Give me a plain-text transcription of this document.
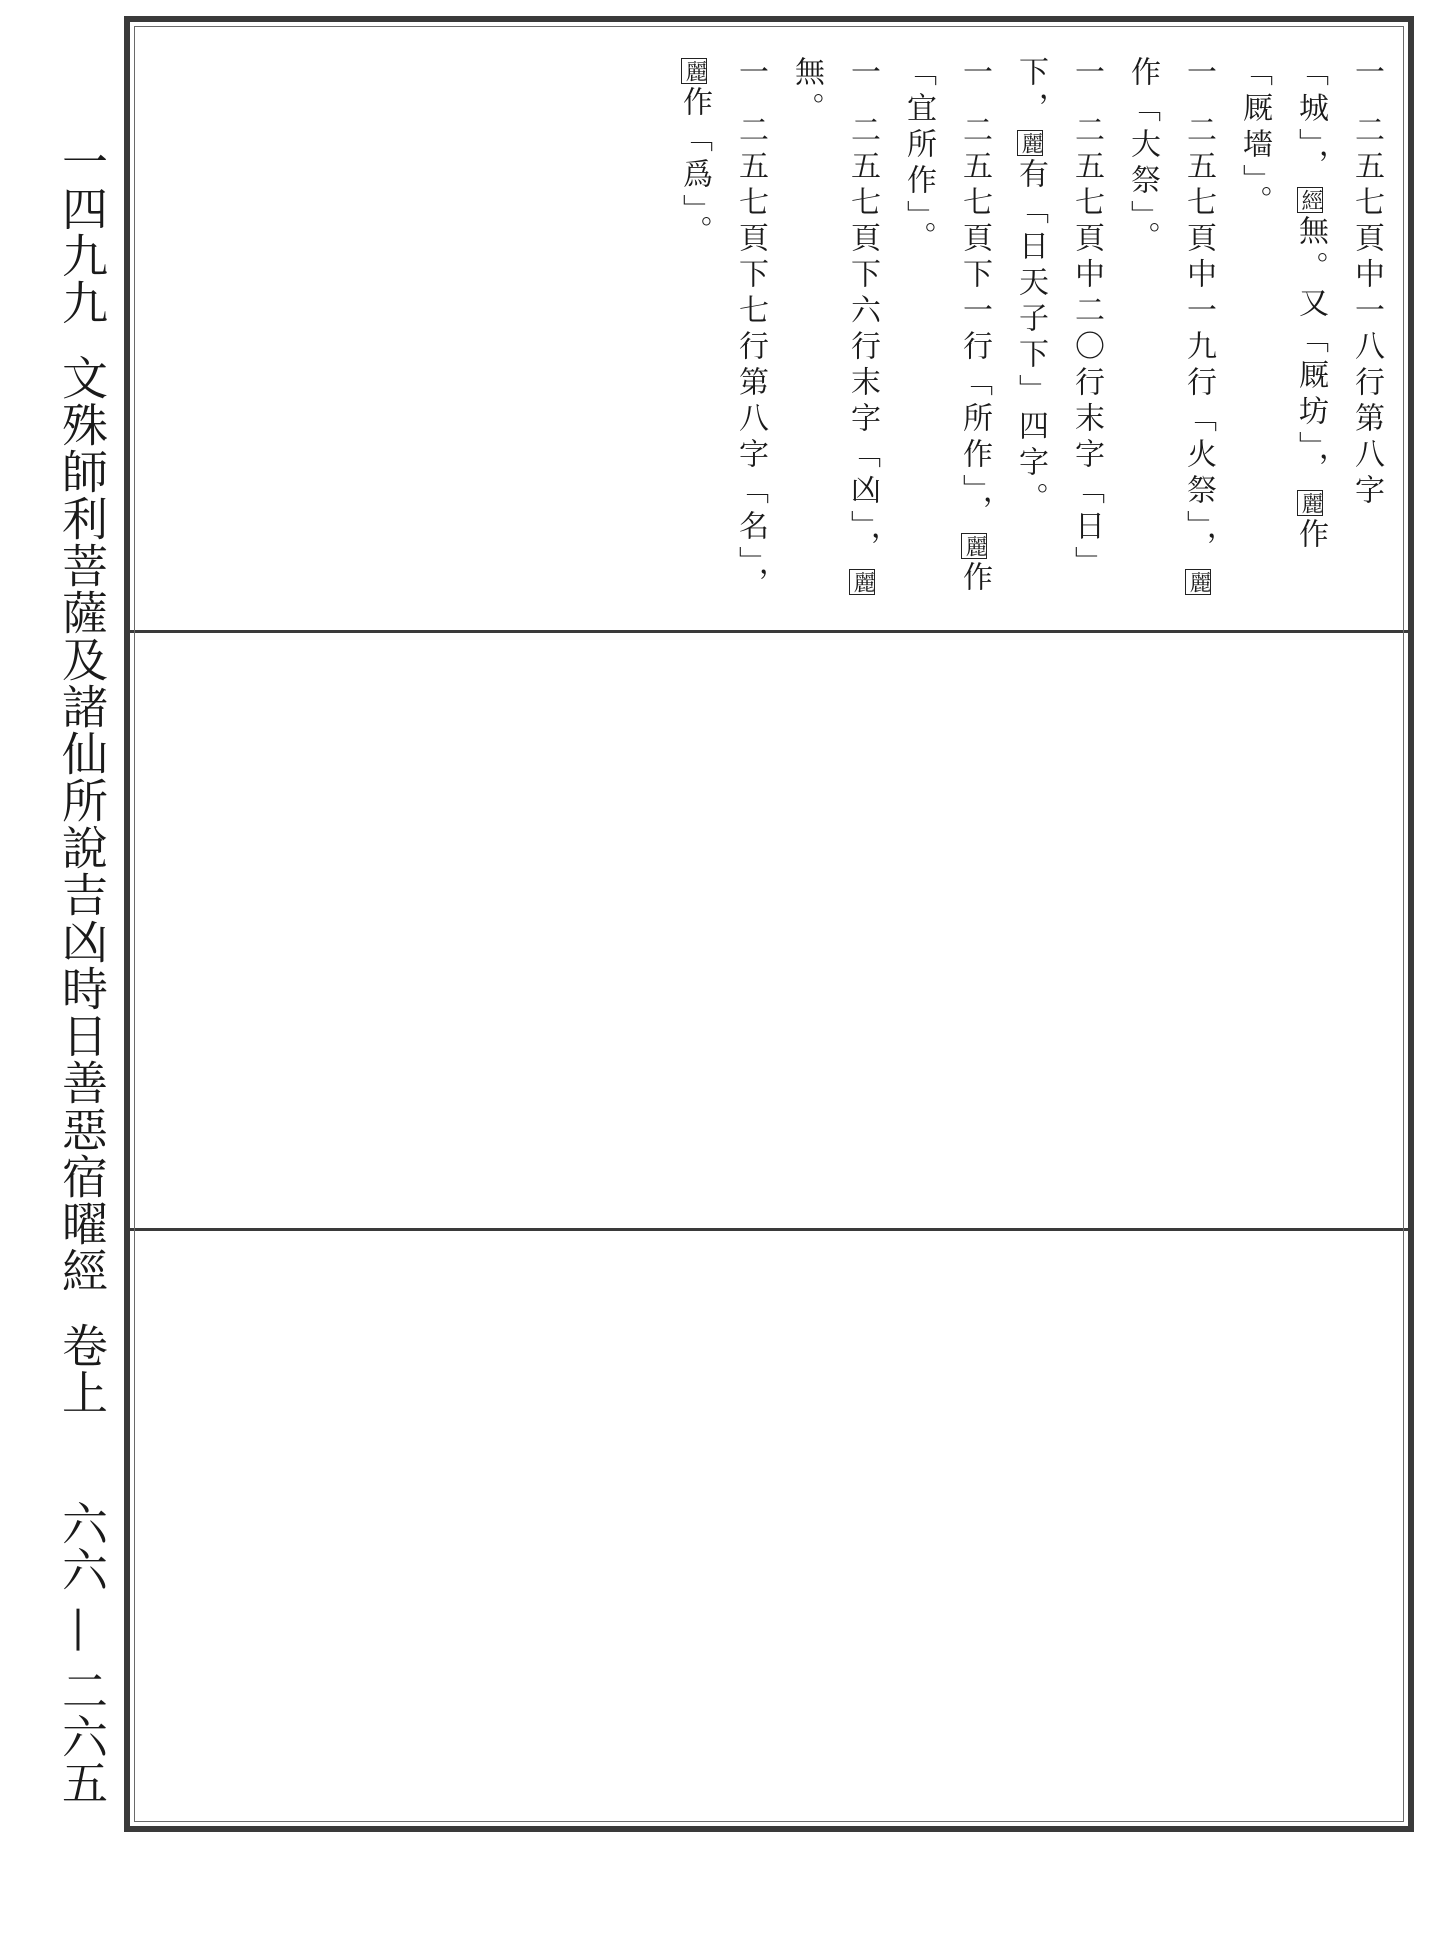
一四九九文殊師利菩薩及諸仙所說吉凶時日善惡宿曜經卷上
六六 — 二六五
一二五七頁中一八行第八字「城」，經無。又「厩坊」，麗作「厩墻」。
一二五七頁中一九行「火祭」，麗作「大祭」。
一二五七頁中二〇行末字「日」下，麗有「日天子下」四字。
一二五七頁下一行「所作」，麗作「宜所作」。
一二五七頁下六行末字「凶」，麗無。
一二五七頁下七行第八字「名」，麗作「爲」。
